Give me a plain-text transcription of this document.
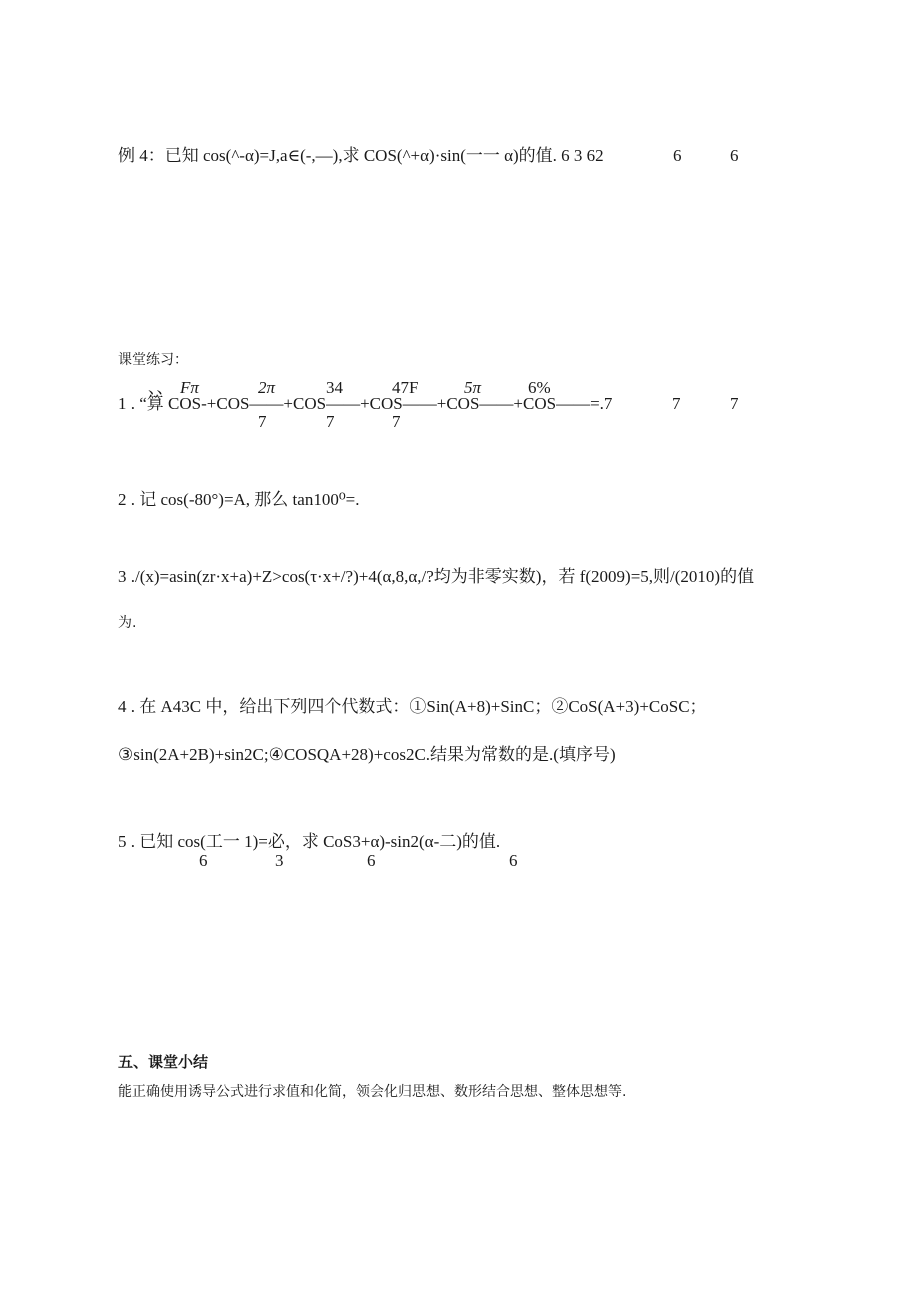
例 4：已知 cos(^-α)=J,a∈(-,—),求 COS(^+α)·sin(一一 α)的值. 6 3 62	6	6
课堂练习：
、、 Fπ	2π	34	47F	5π	6%
1 . “算 COS-+COS——+COS——+COS——+COS——+COS——=.7	7	7
7	7	7
2 . 记 cos(-80°)=A, 那么 tan100⁰=.
3 ./(x)=asin(zr·x+a)+Z>cos(τ·x+/?)+4(α,8,α,/?均为非零实数)，若 f(2009)=5,则/(2010)的值
为.
4 . 在 A43C 中，给出下列四个代数式：①Sin(A+8)+SinC；②CoS(A+3)+CoSC；
③sin(2A+2B)+sin2C;④COSQA+28)+cos2C.结果为常数的是.(填序号)
5 . 已知 cos(工一 1)=必，求 CoS3+α)-sin2(α-二)的值.
6	3	6	6
五、课堂小结
能正确使用诱导公式进行求值和化简，领会化归思想、数形结合思想、整体思想等.
